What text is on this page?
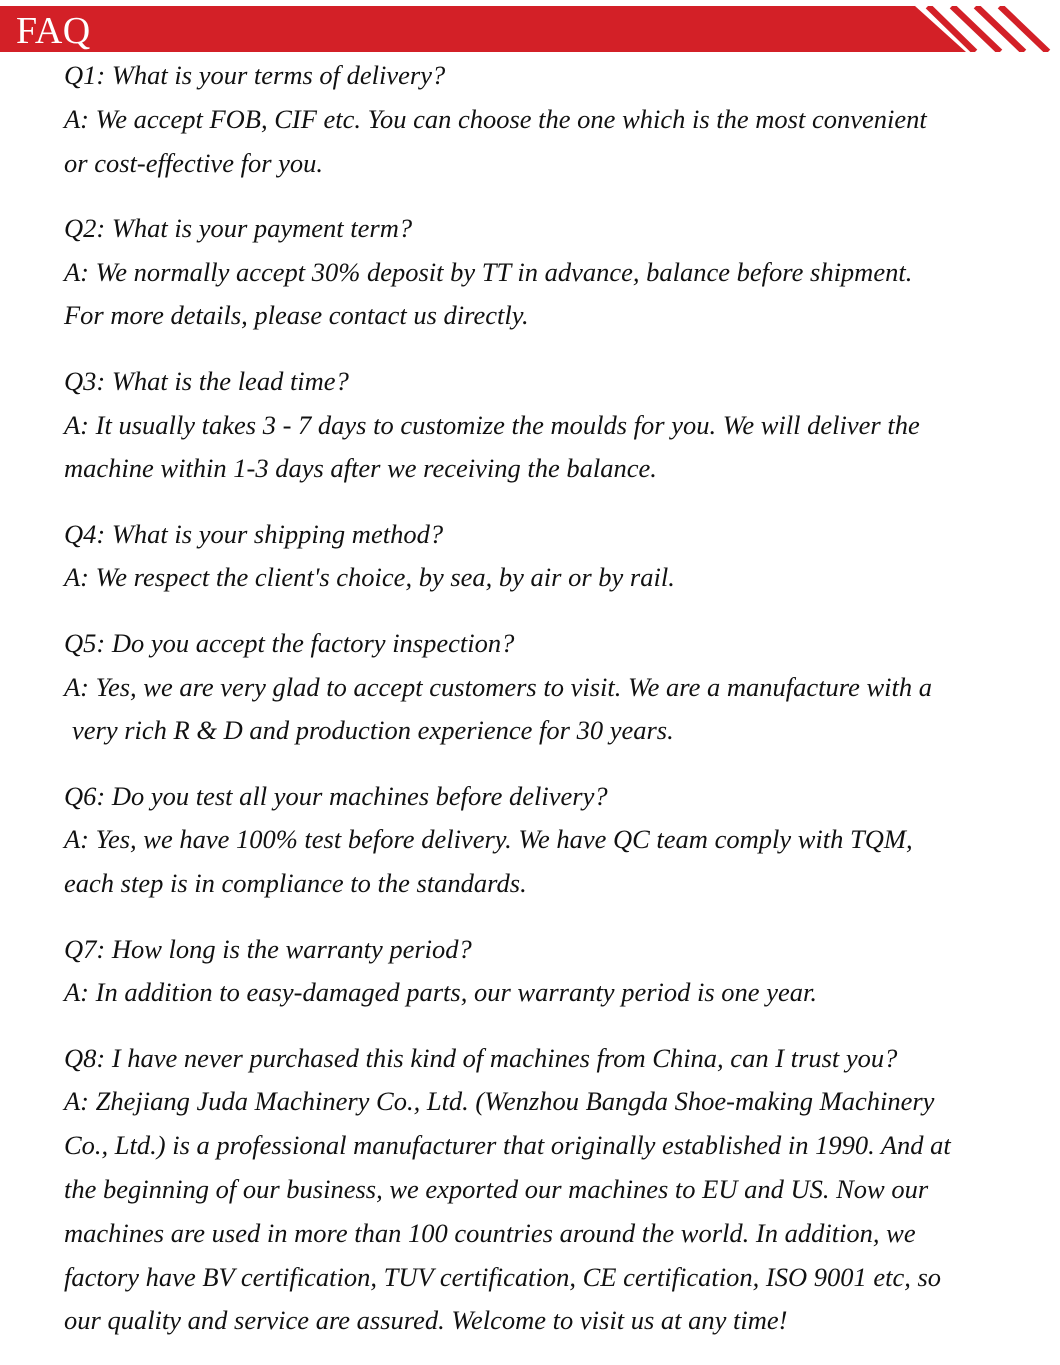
FAQ
Q1: What is your terms of delivery?
A: We accept FOB, CIF etc. You can choose the one which is the most convenient
or cost-effective for you.
Q2: What is your payment term?
A: We normally accept 30% deposit by TT in advance, balance before shipment.
For more details, please contact us directly.
Q3: What is the lead time?
A: It usually takes 3 - 7 days to customize the moulds for you. We will deliver the
machine within 1-3 days after we receiving the balance.
Q4: What is your shipping method?
A: We respect the client's choice, by sea, by air or by rail.
Q5: Do you accept the factory inspection?
A: Yes, we are very glad to accept customers to visit. We are a manufacture with a
very rich R & D and production experience for 30 years.
Q6: Do you test all your machines before delivery?
A: Yes, we have 100% test before delivery. We have QC team comply with TQM,
each step is in compliance to the standards.
Q7: How long is the warranty period?
A: In addition to easy-damaged parts, our warranty period is one year.
Q8: I have never purchased this kind of machines from China, can I trust you?
A: Zhejiang Juda Machinery Co., Ltd. (Wenzhou Bangda Shoe-making Machinery
Co., Ltd.) is a professional manufacturer that originally established in 1990. And at
the beginning of our business, we exported our machines to EU and US. Now our
machines are used in more than 100 countries around the world. In addition, we
factory have BV certification, TUV certification, CE certification, ISO 9001 etc, so
our quality and service are assured. Welcome to visit us at any time!
